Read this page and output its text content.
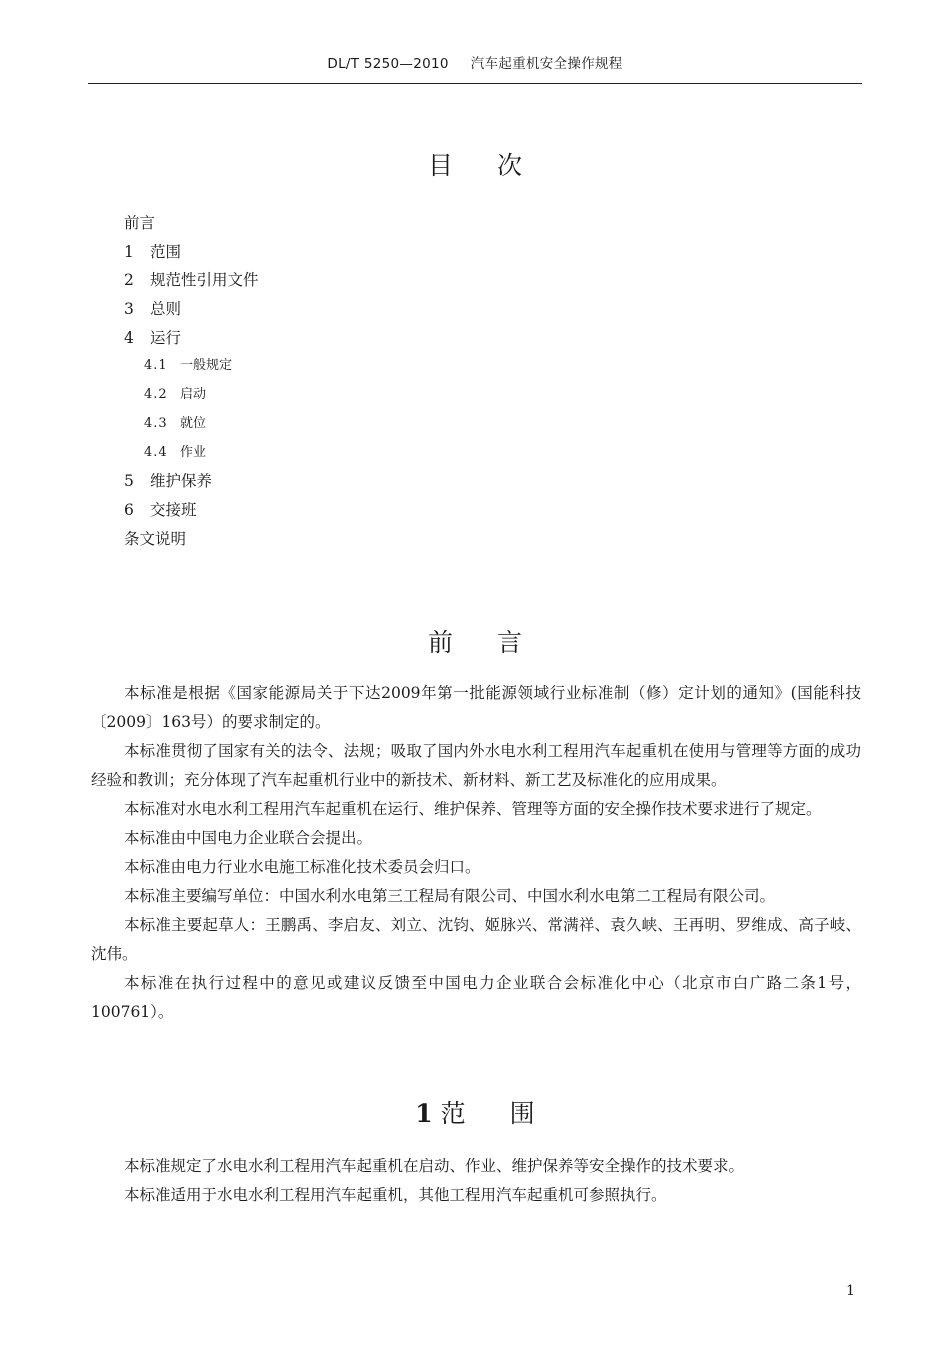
DL/T 5250—2010 汽车起重机安全操作规程
目 次
前言
1 范围
2 规范性引用文件
3 总则
4 运行
4.1 一般规定
4.2 启动
4.3 就位
4.4 作业
5 维护保养
6 交接班
条文说明
前 言

本标准是根据《国家能源局关于下达2009年第一批能源领域行业标准制（修）定计划的通知》(国能科技〔2009〕163号）的要求制定的。

本标准贯彻了国家有关的法令、法规；吸取了国内外水电水利工程用汽车起重机在使用与管理等方面的成功经验和教训；充分体现了汽车起重机行业中的新技术、新材料、新工艺及标准化的应用成果。

本标准对水电水利工程用汽车起重机在运行、维护保养、管理等方面的安全操作技术要求进行了规定。

本标准由中国电力企业联合会提出。

本标准由电力行业水电施工标准化技术委员会归口。

本标准主要编写单位：中国水利水电第三工程局有限公司、中国水利水电第二工程局有限公司。

本标准主要起草人：王鹏禹、李启友、刘立、沈钧、姬脉兴、常满祥、袁久峡、王再明、罗维成、高子岐、沈伟。

本标准在执行过程中的意见或建议反馈至中国电力企业联合会标准化中心（北京市白广路二条1号，100761）。

1 范 围

本标准规定了水电水利工程用汽车起重机在启动、作业、维护保养等安全操作的技术要求。

本标准适用于水电水利工程用汽车起重机，其他工程用汽车起重机可参照执行。

1
